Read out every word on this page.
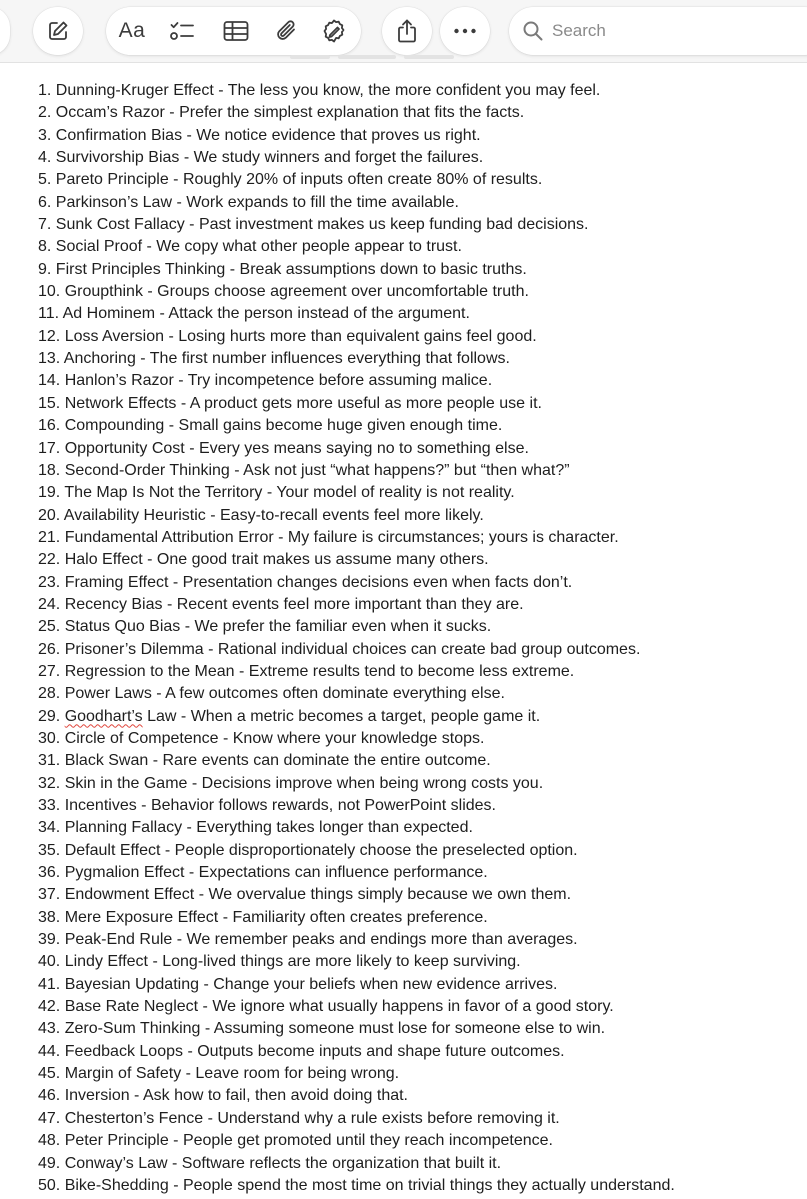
Aa
Search
1. Dunning-Kruger Effect - The less you know, the more confident you may feel.
2. Occam’s Razor - Prefer the simplest explanation that fits the facts.
3. Confirmation Bias - We notice evidence that proves us right.
4. Survivorship Bias - We study winners and forget the failures.
5. Pareto Principle - Roughly 20% of inputs often create 80% of results.
6. Parkinson’s Law - Work expands to fill the time available.
7. Sunk Cost Fallacy - Past investment makes us keep funding bad decisions.
8. Social Proof - We copy what other people appear to trust.
9. First Principles Thinking - Break assumptions down to basic truths.
10. Groupthink - Groups choose agreement over uncomfortable truth.
11. Ad Hominem - Attack the person instead of the argument.
12. Loss Aversion - Losing hurts more than equivalent gains feel good.
13. Anchoring - The first number influences everything that follows.
14. Hanlon’s Razor - Try incompetence before assuming malice.
15. Network Effects - A product gets more useful as more people use it.
16. Compounding - Small gains become huge given enough time.
17. Opportunity Cost - Every yes means saying no to something else.
18. Second-Order Thinking - Ask not just “what happens?” but “then what?”
19. The Map Is Not the Territory - Your model of reality is not reality.
20. Availability Heuristic - Easy-to-recall events feel more likely.
21. Fundamental Attribution Error - My failure is circumstances; yours is character.
22. Halo Effect - One good trait makes us assume many others.
23. Framing Effect - Presentation changes decisions even when facts don’t.
24. Recency Bias - Recent events feel more important than they are.
25. Status Quo Bias - We prefer the familiar even when it sucks.
26. Prisoner’s Dilemma - Rational individual choices can create bad group outcomes.
27. Regression to the Mean - Extreme results tend to become less extreme.
28. Power Laws - A few outcomes often dominate everything else.
29. Goodhart’s Law - When a metric becomes a target, people game it.
30. Circle of Competence - Know where your knowledge stops.
31. Black Swan - Rare events can dominate the entire outcome.
32. Skin in the Game - Decisions improve when being wrong costs you.
33. Incentives - Behavior follows rewards, not PowerPoint slides.
34. Planning Fallacy - Everything takes longer than expected.
35. Default Effect - People disproportionately choose the preselected option.
36. Pygmalion Effect - Expectations can influence performance.
37. Endowment Effect - We overvalue things simply because we own them.
38. Mere Exposure Effect - Familiarity often creates preference.
39. Peak-End Rule - We remember peaks and endings more than averages.
40. Lindy Effect - Long-lived things are more likely to keep surviving.
41. Bayesian Updating - Change your beliefs when new evidence arrives.
42. Base Rate Neglect - We ignore what usually happens in favor of a good story.
43. Zero-Sum Thinking - Assuming someone must lose for someone else to win.
44. Feedback Loops - Outputs become inputs and shape future outcomes.
45. Margin of Safety - Leave room for being wrong.
46. Inversion - Ask how to fail, then avoid doing that.
47. Chesterton’s Fence - Understand why a rule exists before removing it.
48. Peter Principle - People get promoted until they reach incompetence.
49. Conway’s Law - Software reflects the organization that built it.
50. Bike-Shedding - People spend the most time on trivial things they actually understand.
